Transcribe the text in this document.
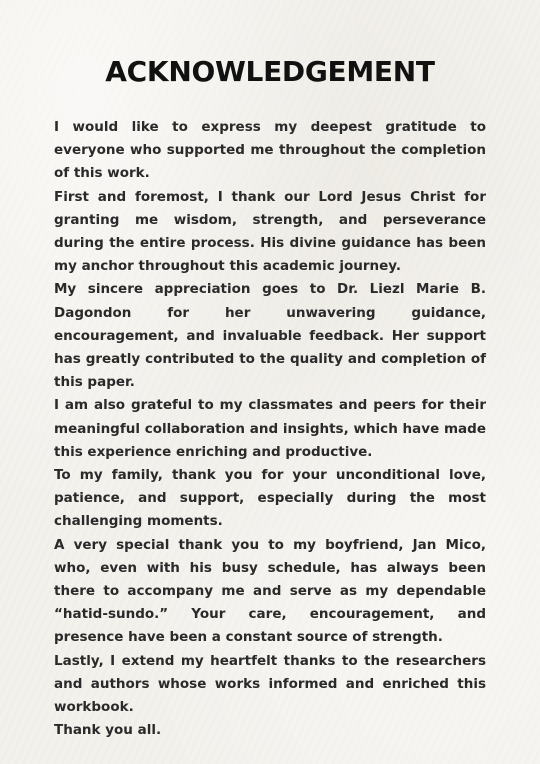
ACKNOWLEDGEMENT

I would like to express my deepest gratitude to everyone who supported me throughout the completion of this work.

First and foremost, I thank our Lord Jesus Christ for granting me wisdom, strength, and perseverance during the entire process. His divine guidance has been my anchor throughout this academic journey.

My sincere appreciation goes to Dr. Liezl Marie B. Dagondon for her unwavering guidance, encouragement, and invaluable feedback. Her support has greatly contributed to the quality and completion of this paper.

I am also grateful to my classmates and peers for their meaningful collaboration and insights, which have made this experience enriching and productive.

To my family, thank you for your unconditional love, patience, and support, especially during the most challenging moments.

A very special thank you to my boyfriend, Jan Mico, who, even with his busy schedule, has always been there to accompany me and serve as my dependable “hatid-sundo.” Your care, encouragement, and presence have been a constant source of strength.

Lastly, I extend my heartfelt thanks to the researchers and authors whose works informed and enriched this workbook.

Thank you all.
